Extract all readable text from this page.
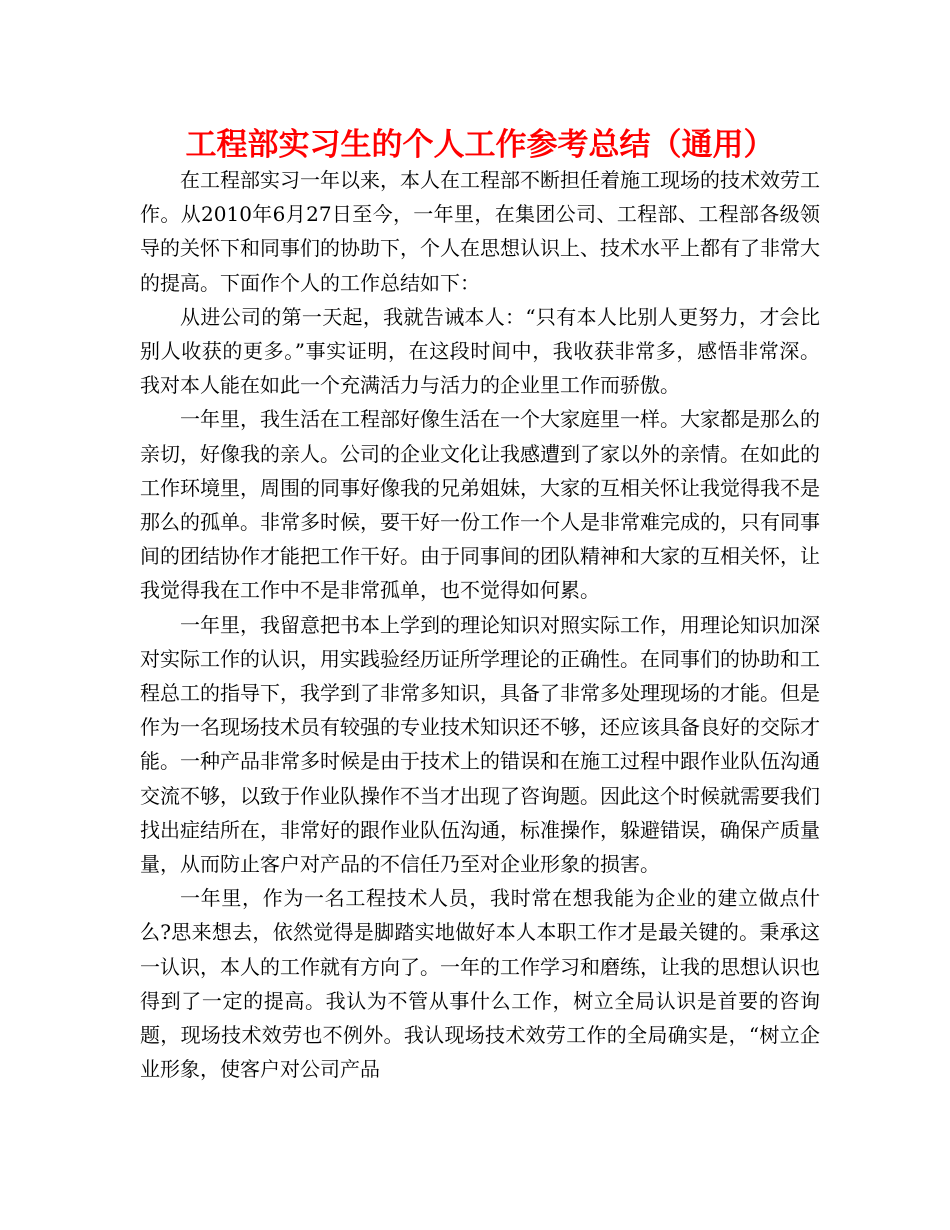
工程部实习生的个人工作参考总结（通用）

在工程部实习一年以来，本人在工程部不断担任着施工现场的技术效劳工作。从2010年6月27日至今，一年里，在集团公司、工程部、工程部各级领导的关怀下和同事们的协助下，个人在思想认识上、技术水平上都有了非常大的提高。下面作个人的工作总结如下：

从进公司的第一天起，我就告诫本人：“只有本人比别人更努力，才会比别人收获的更多。”事实证明，在这段时间中，我收获非常多，感悟非常深。我对本人能在如此一个充满活力与活力的企业里工作而骄傲。

一年里，我生活在工程部好像生活在一个大家庭里一样。大家都是那么的亲切，好像我的亲人。公司的企业文化让我感遭到了家以外的亲情。在如此的工作环境里，周围的同事好像我的兄弟姐妹，大家的互相关怀让我觉得我不是那么的孤单。非常多时候，要干好一份工作一个人是非常难完成的，只有同事间的团结协作才能把工作干好。由于同事间的团队精神和大家的互相关怀，让我觉得我在工作中不是非常孤单，也不觉得如何累。

一年里，我留意把书本上学到的理论知识对照实际工作，用理论知识加深对实际工作的认识，用实践验经历证所学理论的正确性。在同事们的协助和工程总工的指导下，我学到了非常多知识，具备了非常多处理现场的才能。但是作为一名现场技术员有较强的专业技术知识还不够，还应该具备良好的交际才能。一种产品非常多时候是由于技术上的错误和在施工过程中跟作业队伍沟通交流不够，以致于作业队操作不当才出现了咨询题。因此这个时候就需要我们找出症结所在，非常好的跟作业队伍沟通，标准操作，躲避错误，确保产质量量，从而防止客户对产品的不信任乃至对企业形象的损害。

一年里，作为一名工程技术人员，我时常在想我能为企业的建立做点什么?思来想去，依然觉得是脚踏实地做好本人本职工作才是最关键的。秉承这一认识，本人的工作就有方向了。一年的工作学习和磨练，让我的思想认识也得到了一定的提高。我认为不管从事什么工作，树立全局认识是首要的咨询题，现场技术效劳也不例外。我认现场技术效劳工作的全局确实是，“树立企业形象，使客户对公司产品
